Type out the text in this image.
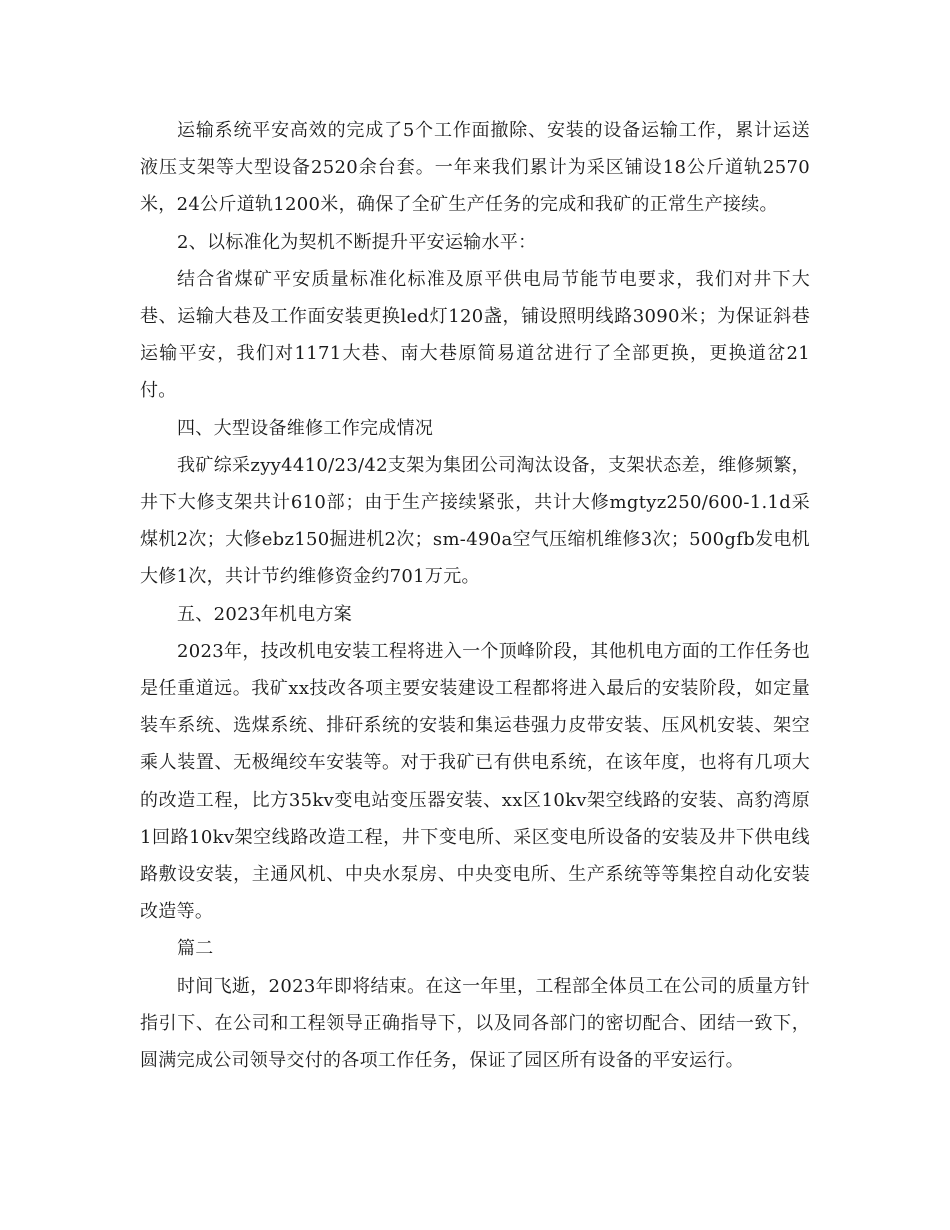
运输系统平安高效的完成了5个工作面撤除、安装的设备运输工作，累计运送液压支架等大型设备2520余台套。一年来我们累计为采区铺设18公斤道轨2570米，24公斤道轨1200米，确保了全矿生产任务的完成和我矿的正常生产接续。

2、以标准化为契机不断提升平安运输水平：

结合省煤矿平安质量标准化标准及原平供电局节能节电要求，我们对井下大巷、运输大巷及工作面安装更换led灯120盏，铺设照明线路3090米；为保证斜巷运输平安，我们对1171大巷、南大巷原简易道岔进行了全部更换，更换道岔21付。

四、大型设备维修工作完成情况

我矿综采zyy4410/23/42支架为集团公司淘汰设备，支架状态差，维修频繁，井下大修支架共计610部；由于生产接续紧张，共计大修mgtyz250/600-1.1d采煤机2次；大修ebz150掘进机2次；sm-490a空气压缩机维修3次；500gfb发电机大修1次，共计节约维修资金约701万元。

五、2023年机电方案

2023年，技改机电安装工程将进入一个顶峰阶段，其他机电方面的工作任务也是任重道远。我矿xx技改各项主要安装建设工程都将进入最后的安装阶段，如定量装车系统、选煤系统、排矸系统的安装和集运巷强力皮带安装、压风机安装、架空乘人装置、无极绳绞车安装等。对于我矿已有供电系统，在该年度，也将有几项大的改造工程，比方35kv变电站变压器安装、xx区10kv架空线路的安装、高豹湾原1回路10kv架空线路改造工程，井下变电所、采区变电所设备的安装及井下供电线路敷设安装，主通风机、中央水泵房、中央变电所、生产系统等等集控自动化安装改造等。

篇二

时间飞逝，2023年即将结束。在这一年里，工程部全体员工在公司的质量方针指引下、在公司和工程领导正确指导下，以及同各部门的密切配合、团结一致下，圆满完成公司领导交付的各项工作任务，保证了园区所有设备的平安运行。
